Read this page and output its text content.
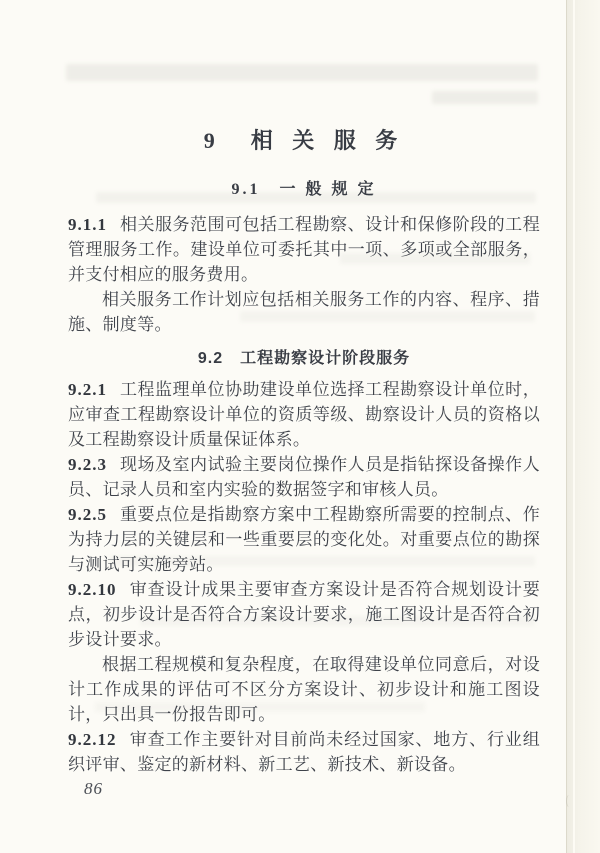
9　相 关 服 务
9.1　一 般 规 定

9.1.1 相关服务范围可包括工程勘察、设计和保修阶段的工程管理服务工作。建设单位可委托其中一项、多项或全部服务，并支付相应的服务费用。

相关服务工作计划应包括相关服务工作的内容、程序、措施、制度等。

9.2　工程勘察设计阶段服务

9.2.1 工程监理单位协助建设单位选择工程勘察设计单位时，应审查工程勘察设计单位的资质等级、勘察设计人员的资格以及工程勘察设计质量保证体系。

9.2.3 现场及室内试验主要岗位操作人员是指钻探设备操作人员、记录人员和室内实验的数据签字和审核人员。

9.2.5 重要点位是指勘察方案中工程勘察所需要的控制点、作为持力层的关键层和一些重要层的变化处。对重要点位的勘探与测试可实施旁站。

9.2.10 审查设计成果主要审查方案设计是否符合规划设计要点，初步设计是否符合方案设计要求，施工图设计是否符合初步设计要求。

根据工程规模和复杂程度，在取得建设单位同意后，对设计工作成果的评估可不区分方案设计、初步设计和施工图设计，只出具一份报告即可。

9.2.12 审查工作主要针对目前尚未经过国家、地方、行业组织评审、鉴定的新材料、新工艺、新技术、新设备。

86
